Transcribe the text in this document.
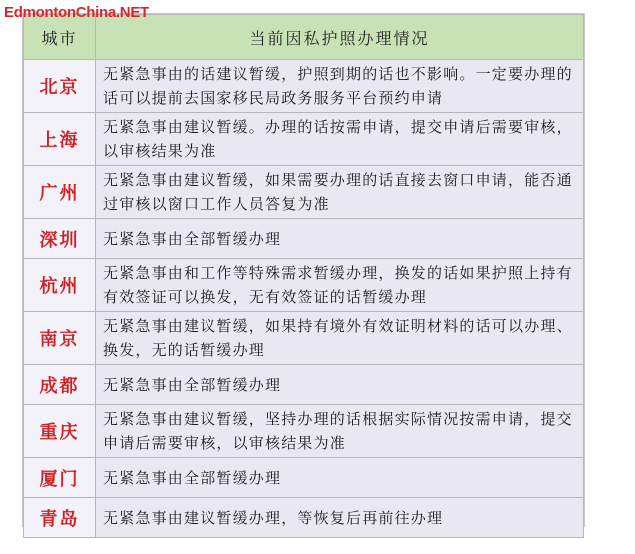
EdmontonChina.NET
城市	当前因私护照办理情况
北京	无紧急事由的话建议暂缓，护照到期的话也不影响。一定要办理的话可以提前去国家移民局政务服务平台预约申请
上海	无紧急事由建议暂缓。办理的话按需申请，提交申请后需要审核，以审核结果为准
广州	无紧急事由建议暂缓，如果需要办理的话直接去窗口申请，能否通过审核以窗口工作人员答复为准
深圳	无紧急事由全部暂缓办理
杭州	无紧急事由和工作等特殊需求暂缓办理，换发的话如果护照上持有有效签证可以换发，无有效签证的话暂缓办理
南京	无紧急事由建议暂缓，如果持有境外有效证明材料的话可以办理、换发，无的话暂缓办理
成都	无紧急事由全部暂缓办理
重庆	无紧急事由建议暂缓，坚持办理的话根据实际情况按需申请，提交申请后需要审核，以审核结果为准
厦门	无紧急事由全部暂缓办理
青岛	无紧急事由建议暂缓办理，等恢复后再前往办理
